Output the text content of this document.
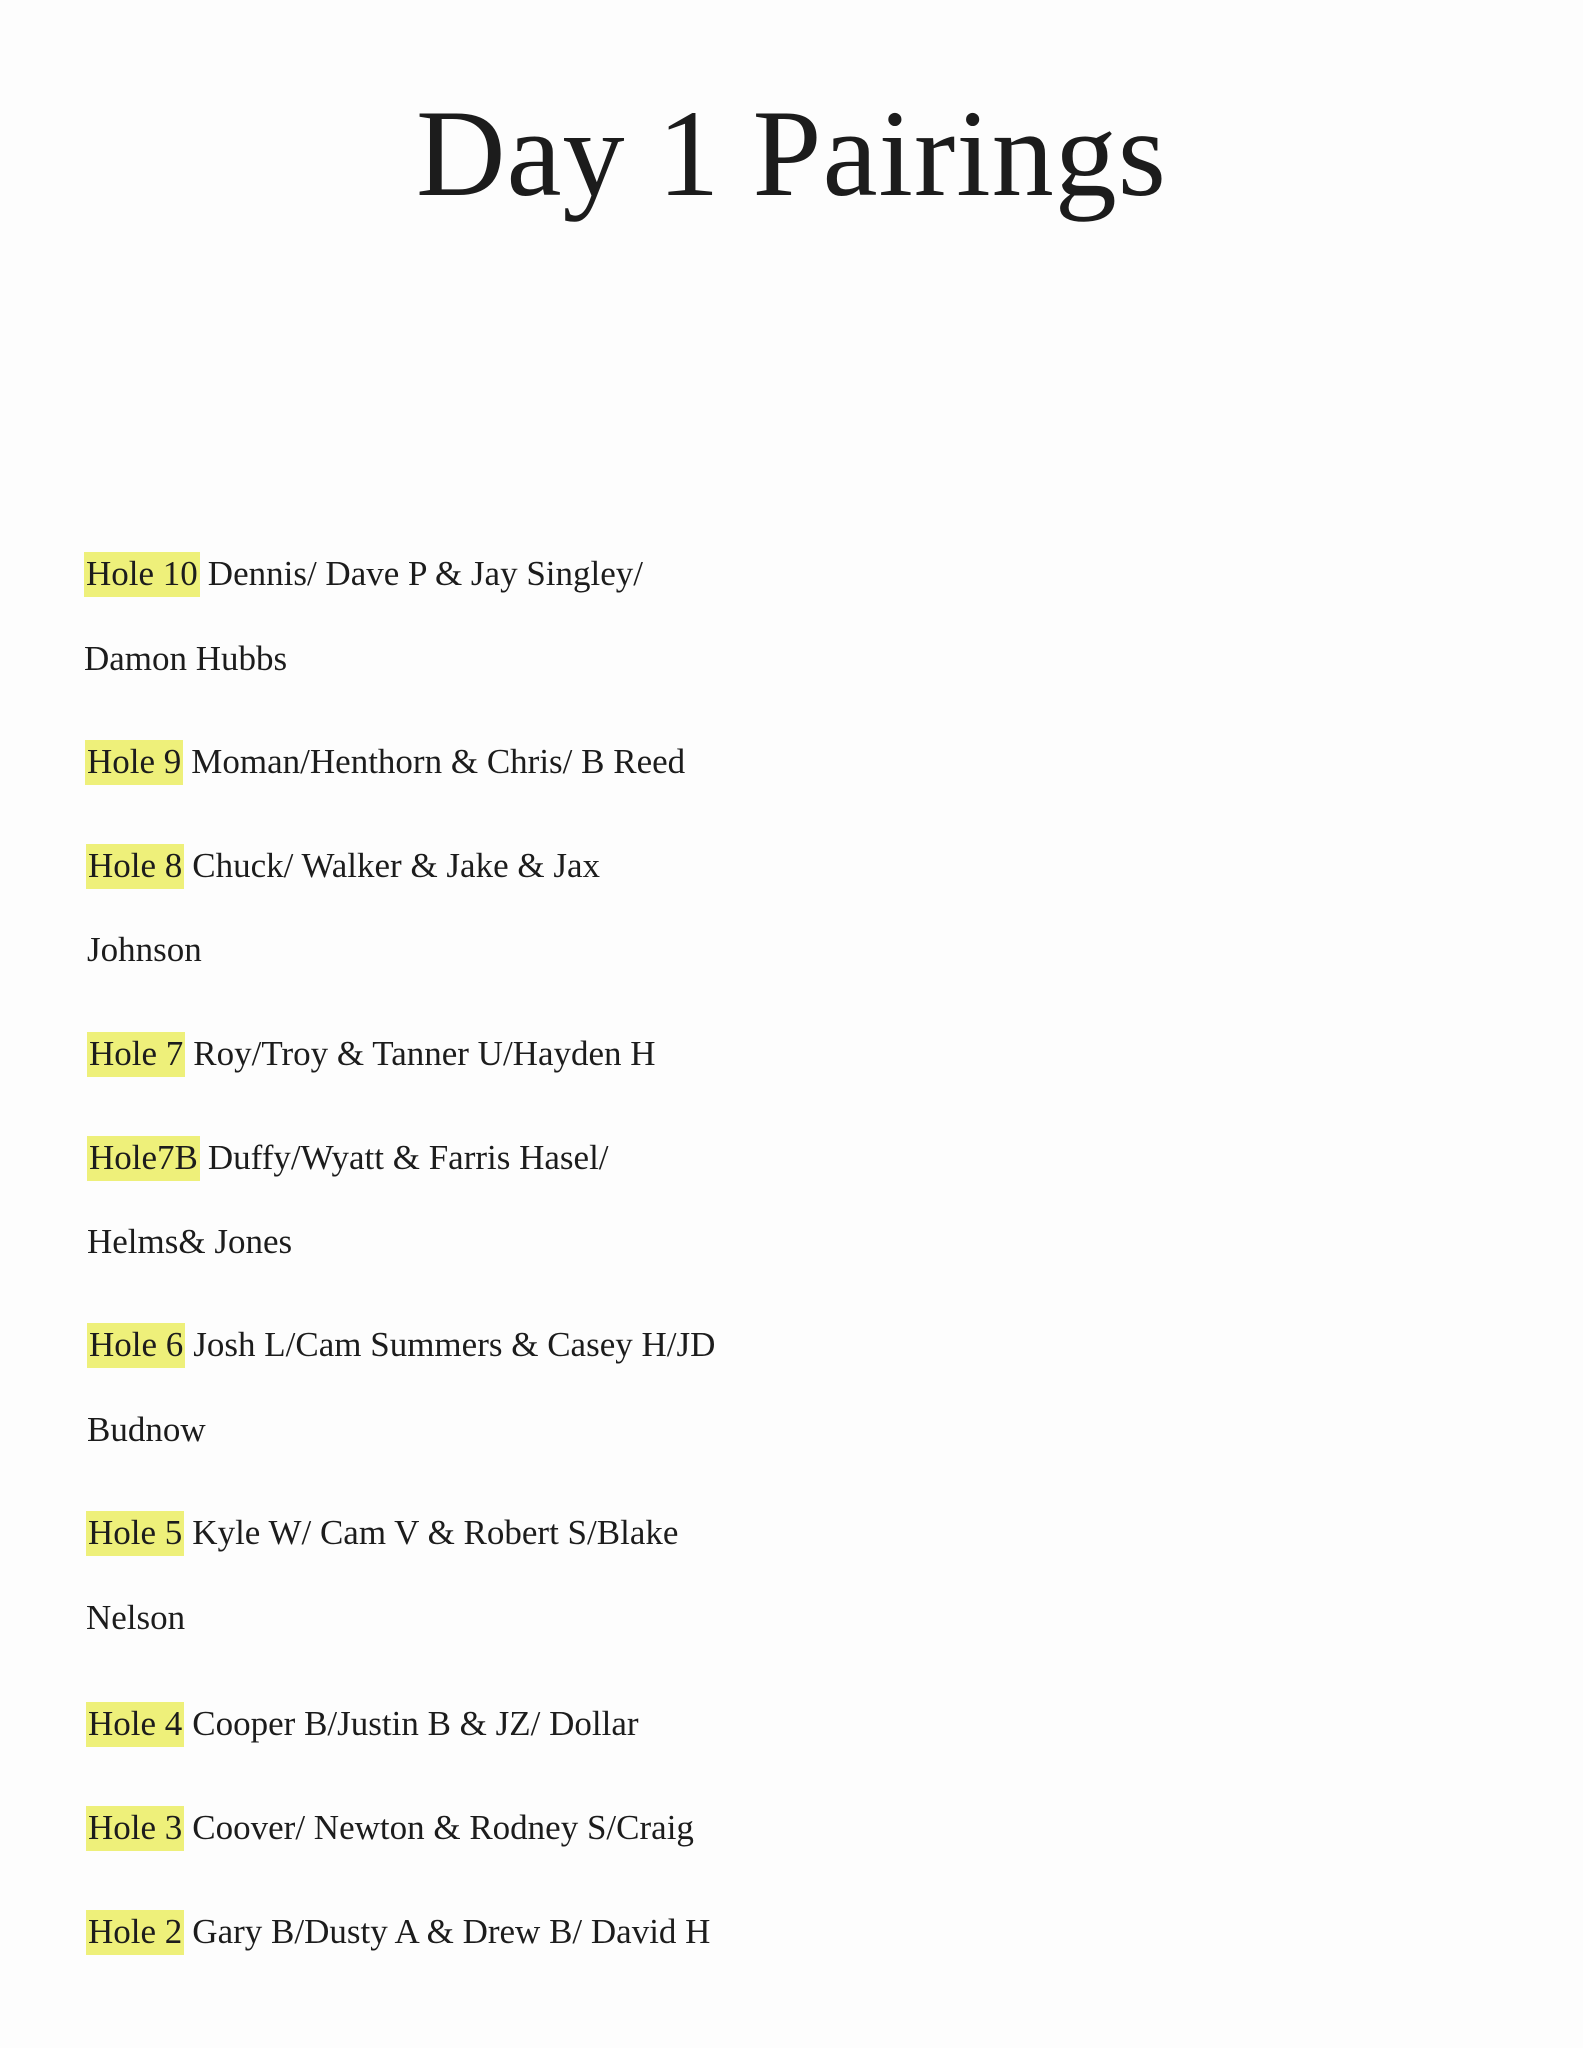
Day 1 Pairings
Hole 10 Dennis/ Dave P & Jay Singley/
Damon Hubbs
Hole 9 Moman/Henthorn & Chris/ B Reed
Hole 8 Chuck/ Walker & Jake & Jax
Johnson
Hole 7 Roy/Troy & Tanner U/Hayden H
Hole7B Duffy/Wyatt & Farris Hasel/
Helms& Jones
Hole 6 Josh L/Cam Summers & Casey H/JD
Budnow
Hole 5 Kyle W/ Cam V & Robert S/Blake
Nelson
Hole 4 Cooper B/Justin B & JZ/ Dollar
Hole 3 Coover/ Newton & Rodney S/Craig
Hole 2 Gary B/Dusty A & Drew B/ David H
